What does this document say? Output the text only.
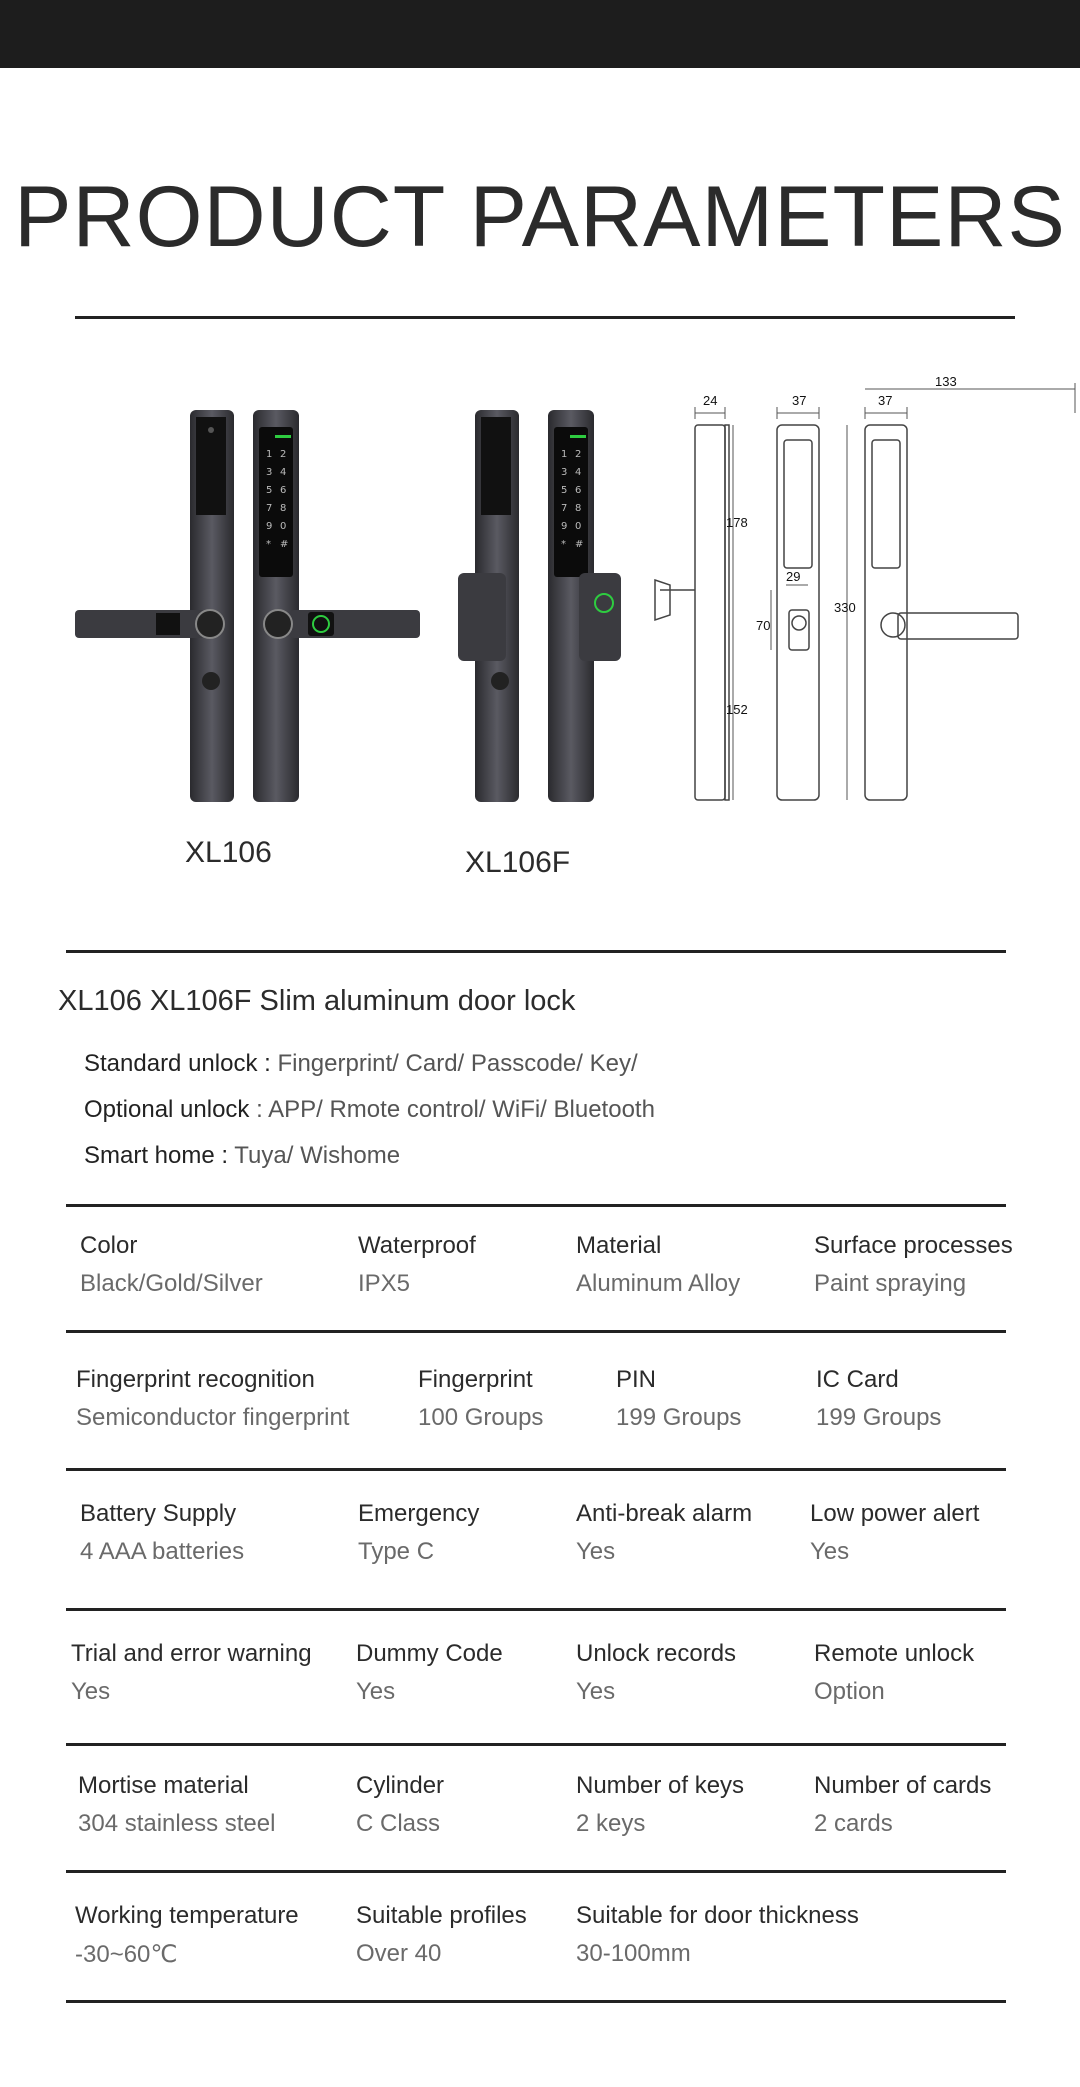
PRODUCT PARAMETERS
1 2
3 4
5 6
7 8
9 0
* #
XL106
1 2
3 4
5 6
7 8
9 0
* #
XL106F
24	37	37
133
178
152
29
70
330
XL106 XL106F Slim aluminum door lock
Standard unlock : Fingerprint/ Card/ Passcode/ Key/
Optional unlock : APP/ Rmote control/ WiFi/ Bluetooth
Smart home : Tuya/ Wishome
Color
Black/Gold/Silver
Waterproof
IPX5
Material
Aluminum Alloy
Surface processes
Paint spraying
Fingerprint recognition
Semiconductor fingerprint
Fingerprint
100 Groups
PIN
199 Groups
IC Card
199 Groups
Battery Supply
4 AAA batteries
Emergency
Type C
Anti-break alarm
Yes
Low power alert
Yes
Trial and error warning
Yes
Dummy Code
Yes
Unlock records
Yes
Remote unlock
Option
Mortise material
304 stainless steel
Cylinder
C Class
Number of keys
2 keys
Number of cards
2 cards
Working temperature
-30~60℃
Suitable profiles
Over 40
Suitable for door thickness
30-100mm
